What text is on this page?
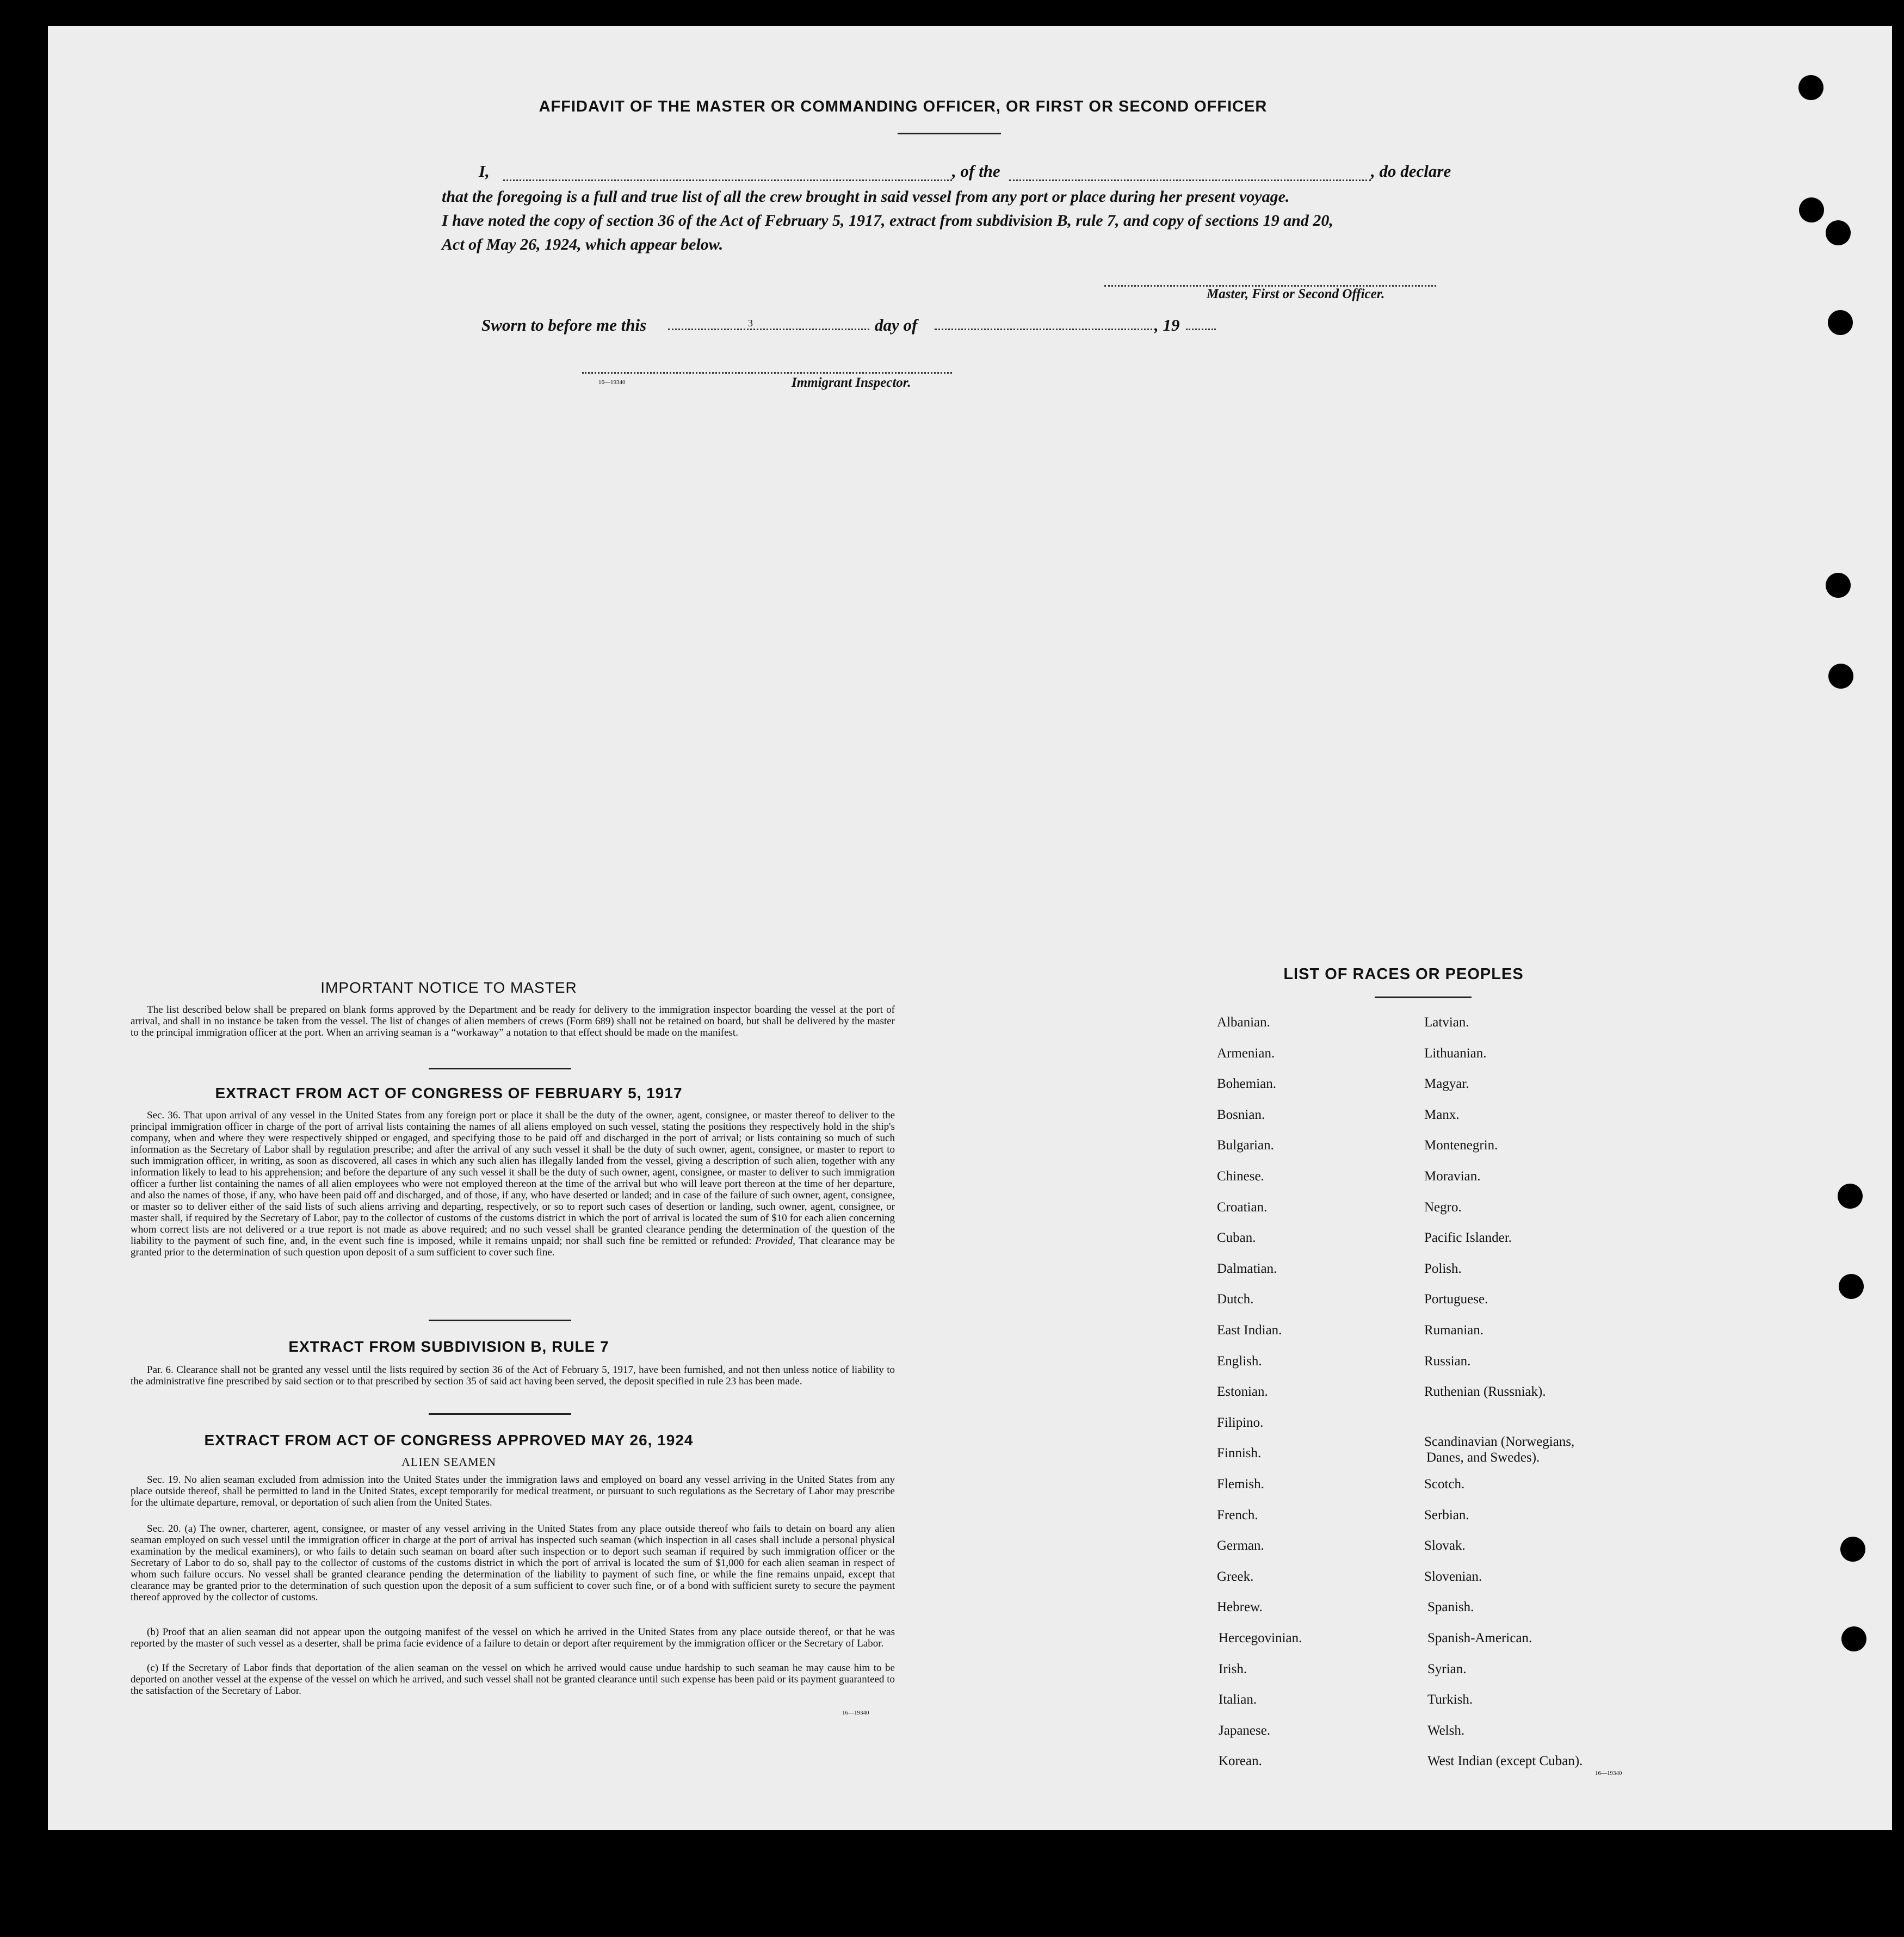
AFFIDAVIT OF THE MASTER OR COMMANDING OFFICER, OR FIRST OR SECOND OFFICER
I,	, of the	, do declare
that the foregoing is a full and true list of all the crew brought in said vessel from any port or place during her present voyage.
I have noted the copy of section 36 of the Act of February 5, 1917, extract from subdivision B, rule 7, and copy of sections 19 and 20,
Act of May 26, 1924, which appear below.
Master, First or Second Officer.
Sworn to before me this	3	day of	, 19
16—19340	Immigrant Inspector.
IMPORTANT NOTICE TO MASTER
The list described below shall be prepared on blank forms approved by the Department and be ready for delivery to the immigration inspector boarding the vessel at the port of arrival, and shall in no instance be taken from the vessel. The list of changes of alien members of crews (Form 689) shall not be retained on board, but shall be delivered by the master to the principal immigration officer at the port. When an arriving seaman is a “workaway” a notation to that effect should be made on the manifest.
EXTRACT FROM ACT OF CONGRESS OF FEBRUARY 5, 1917
Sec. 36. That upon arrival of any vessel in the United States from any foreign port or place it shall be the duty of the owner, agent, consignee, or master thereof to deliver to the principal immigration officer in charge of the port of arrival lists containing the names of all aliens employed on such vessel, stating the positions they respectively hold in the ship's company, when and where they were respectively shipped or engaged, and specifying those to be paid off and discharged in the port of arrival; or lists containing so much of such information as the Secretary of Labor shall by regulation prescribe; and after the arrival of any such vessel it shall be the duty of such owner, agent, consignee, or master to report to such immigration officer, in writing, as soon as discovered, all cases in which any such alien has illegally landed from the vessel, giving a description of such alien, together with any information likely to lead to his apprehension; and before the departure of any such vessel it shall be the duty of such owner, agent, consignee, or master to deliver to such immigration officer a further list containing the names of all alien employees who were not employed thereon at the time of the arrival but who will leave port thereon at the time of her departure, and also the names of those, if any, who have been paid off and discharged, and of those, if any, who have deserted or landed; and in case of the failure of such owner, agent, consignee, or master so to deliver either of the said lists of such aliens arriving and departing, respectively, or so to report such cases of desertion or landing, such owner, agent, consignee, or master shall, if required by the Secretary of Labor, pay to the collector of customs of the customs district in which the port of arrival is located the sum of $10 for each alien concerning whom correct lists are not delivered or a true report is not made as above required; and no such vessel shall be granted clearance pending the determination of the question of the liability to the payment of such fine, and, in the event such fine is imposed, while it remains unpaid; nor shall such fine be remitted or refunded: Provided, That clearance may be granted prior to the determination of such question upon deposit of a sum sufficient to cover such fine.
EXTRACT FROM SUBDIVISION B, RULE 7
Par. 6. Clearance shall not be granted any vessel until the lists required by section 36 of the Act of February 5, 1917, have been furnished, and not then unless notice of liability to the administrative fine prescribed by said section or to that prescribed by section 35 of said act having been served, the deposit specified in rule 23 has been made.
EXTRACT FROM ACT OF CONGRESS APPROVED MAY 26, 1924
ALIEN SEAMEN
Sec. 19. No alien seaman excluded from admission into the United States under the immigration laws and employed on board any vessel arriving in the United States from any place outside thereof, shall be permitted to land in the United States, except temporarily for medical treatment, or pursuant to such regulations as the Secretary of Labor may prescribe for the ultimate departure, removal, or deportation of such alien from the United States.
Sec. 20. (a) The owner, charterer, agent, consignee, or master of any vessel arriving in the United States from any place outside thereof who fails to detain on board any alien seaman employed on such vessel until the immigration officer in charge at the port of arrival has inspected such seaman (which inspection in all cases shall include a personal physical examination by the medical examiners), or who fails to detain such seaman on board after such inspection or to deport such seaman if required by such immigration officer or the Secretary of Labor to do so, shall pay to the collector of customs of the customs district in which the port of arrival is located the sum of $1,000 for each alien seaman in respect of whom such failure occurs. No vessel shall be granted clearance pending the determination of the liability to payment of such fine, or while the fine remains unpaid, except that clearance may be granted prior to the determination of such question upon the deposit of a sum sufficient to cover such fine, or of a bond with sufficient surety to secure the payment thereof approved by the collector of customs.
(b) Proof that an alien seaman did not appear upon the outgoing manifest of the vessel on which he arrived in the United States from any place outside thereof, or that he was reported by the master of such vessel as a deserter, shall be prima facie evidence of a failure to detain or deport after requirement by the immigration officer or the Secretary of Labor.
(c) If the Secretary of Labor finds that deportation of the alien seaman on the vessel on which he arrived would cause undue hardship to such seaman he may cause him to be deported on another vessel at the expense of the vessel on which he arrived, and such vessel shall not be granted clearance until such expense has been paid or its payment guaranteed to the satisfaction of the Secretary of Labor.
16—19340
LIST OF RACES OR PEOPLES
Albanian.
Armenian.
Bohemian.
Bosnian.
Bulgarian.
Chinese.
Croatian.
Cuban.
Dalmatian.
Dutch.
East Indian.
English.
Estonian.
Filipino.
Finnish.
Flemish.
French.
German.
Greek.
Hebrew.
Hercegovinian.
Irish.
Italian.
Japanese.
Korean.
Latvian.
Lithuanian.
Magyar.
Manx.
Montenegrin.
Moravian.
Negro.
Pacific Islander.
Polish.
Portuguese.
Rumanian.
Russian.
Ruthenian (Russniak).
Scandinavian (Norwegians,
Danes, and Swedes).
Scotch.
Serbian.
Slovak.
Slovenian.
Spanish.
Spanish-American.
Syrian.
Turkish.
Welsh.
West Indian (except Cuban).
16—19340
